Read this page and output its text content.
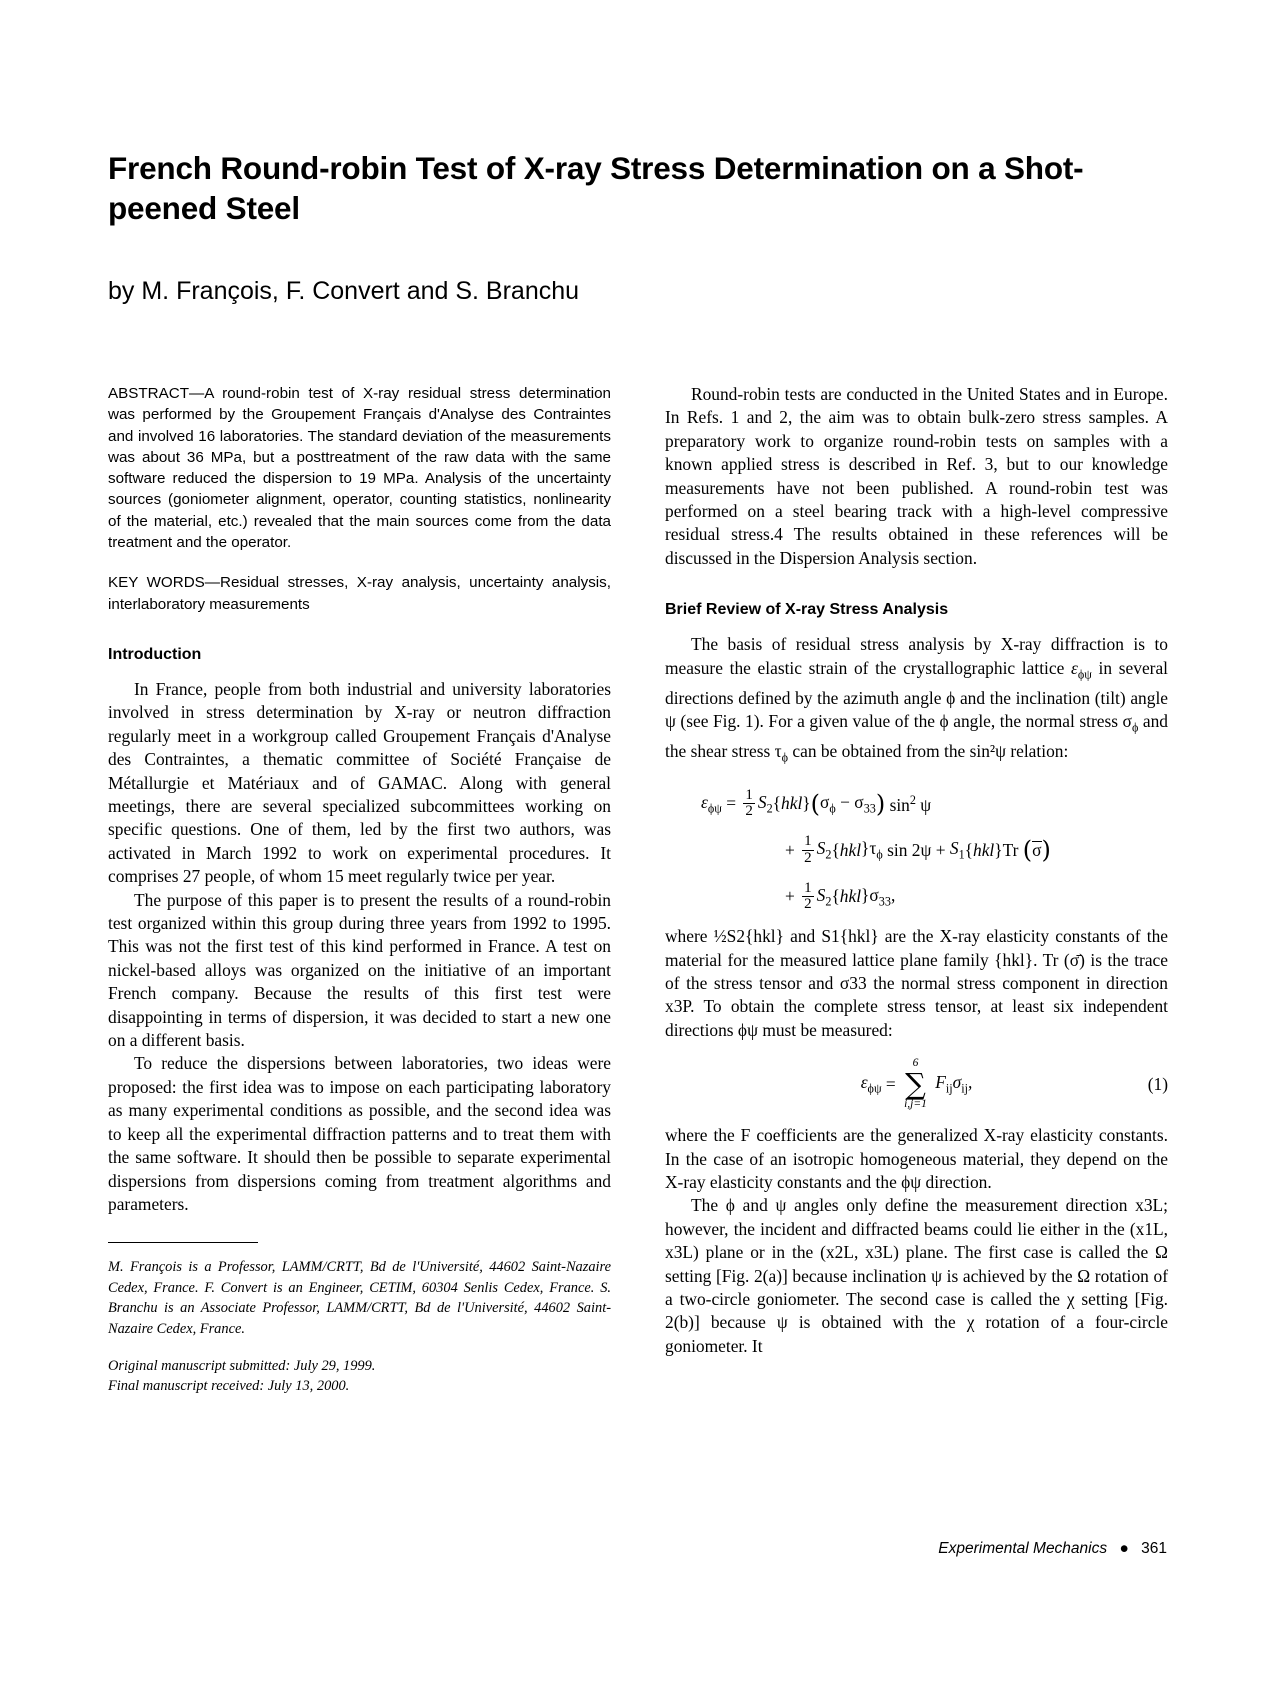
French Round-robin Test of X-ray Stress Determination on a Shot-peened Steel
by M. François, F. Convert and S. Branchu

ABSTRACT—A round-robin test of X-ray residual stress determination was performed by the Groupement Français d'Analyse des Contraintes and involved 16 laboratories. The standard deviation of the measurements was about 36 MPa, but a posttreatment of the raw data with the same software reduced the dispersion to 19 MPa. Analysis of the uncertainty sources (goniometer alignment, operator, counting statistics, nonlinearity of the material, etc.) revealed that the main sources come from the data treatment and the operator.

KEY WORDS—Residual stresses, X-ray analysis, uncertainty analysis, interlaboratory measurements

Introduction

In France, people from both industrial and university laboratories involved in stress determination by X-ray or neutron diffraction regularly meet in a workgroup called Groupement Français d'Analyse des Contraintes, a thematic committee of Société Française de Métallurgie et Matériaux and of GAMAC. Along with general meetings, there are several specialized subcommittees working on specific questions. One of them, led by the first two authors, was activated in March 1992 to work on experimental procedures. It comprises 27 people, of whom 15 meet regularly twice per year.

The purpose of this paper is to present the results of a round-robin test organized within this group during three years from 1992 to 1995. This was not the first test of this kind performed in France. A test on nickel-based alloys was organized on the initiative of an important French company. Because the results of this first test were disappointing in terms of dispersion, it was decided to start a new one on a different basis.

To reduce the dispersions between laboratories, two ideas were proposed: the first idea was to impose on each participating laboratory as many experimental conditions as possible, and the second idea was to keep all the experimental diffraction patterns and to treat them with the same software. It should then be possible to separate experimental dispersions from dispersions coming from treatment algorithms and parameters.

M. François is a Professor, LAMM/CRTT, Bd de l'Université, 44602 Saint-Nazaire Cedex, France. F. Convert is an Engineer, CETIM, 60304 Senlis Cedex, France. S. Branchu is an Associate Professor, LAMM/CRTT, Bd de l'Université, 44602 Saint-Nazaire Cedex, France.

Original manuscript submitted: July 29, 1999.

Final manuscript received: July 13, 2000.

Round-robin tests are conducted in the United States and in Europe. In Refs. 1 and 2, the aim was to obtain bulk-zero stress samples. A preparatory work to organize round-robin tests on samples with a known applied stress is described in Ref. 3, but to our knowledge measurements have not been published. A round-robin test was performed on a steel bearing track with a high-level compressive residual stress.4 The results obtained in these references will be discussed in the Dispersion Analysis section.

Brief Review of X-ray Stress Analysis

The basis of residual stress analysis by X-ray diffraction is to measure the elastic strain of the crystallographic lattice $\varepsilon_{\phi\psi}$ in several directions defined by the azimuth angle ϕ and the inclination (tilt) angle ψ (see Fig. 1). For a given value of the ϕ angle, the normal stress $\sigma_\phi$ and the shear stress $\tau_\phi$ can be obtained from the sin²ψ relation:

$\varepsilon_{\phi\psi} = \frac{1}{2} S_2$ { hkl } ( $\sigma_\phi - \sigma_{33}$ ) $\sin^2 \psi$
+ $\frac{1}{2} S_2$ { hkl }$\tau_\phi$ $\sin 2\psi + S_1$ { hkl }Tr ( σ )
+ $\frac{1}{2} S_2$ { hkl }$\sigma_{33}$,

where ½S2{hkl} and S1{hkl} are the X-ray elasticity constants of the material for the measured lattice plane family {hkl}. Tr (σ̄) is the trace of the stress tensor and σ33 the normal stress component in direction x3P. To obtain the complete stress tensor, at least six independent directions ϕψ must be measured:

$\varepsilon_{\phi\psi}$ =
6
∑
i,j=1
$F_{ij}\sigma_{ij}$,	(1)

where the F coefficients are the generalized X-ray elasticity constants. In the case of an isotropic homogeneous material, they depend on the X-ray elasticity constants and the ϕψ direction.

The ϕ and ψ angles only define the measurement direction x3L; however, the incident and diffracted beams could lie either in the (x1L, x3L) plane or in the (x2L, x3L) plane. The first case is called the Ω setting [Fig. 2(a)] because inclination ψ is achieved by the Ω rotation of a two-circle goniometer. The second case is called the χ setting [Fig. 2(b)] because ψ is obtained with the χ rotation of a four-circle goniometer. It

Experimental Mechanics ● 361
